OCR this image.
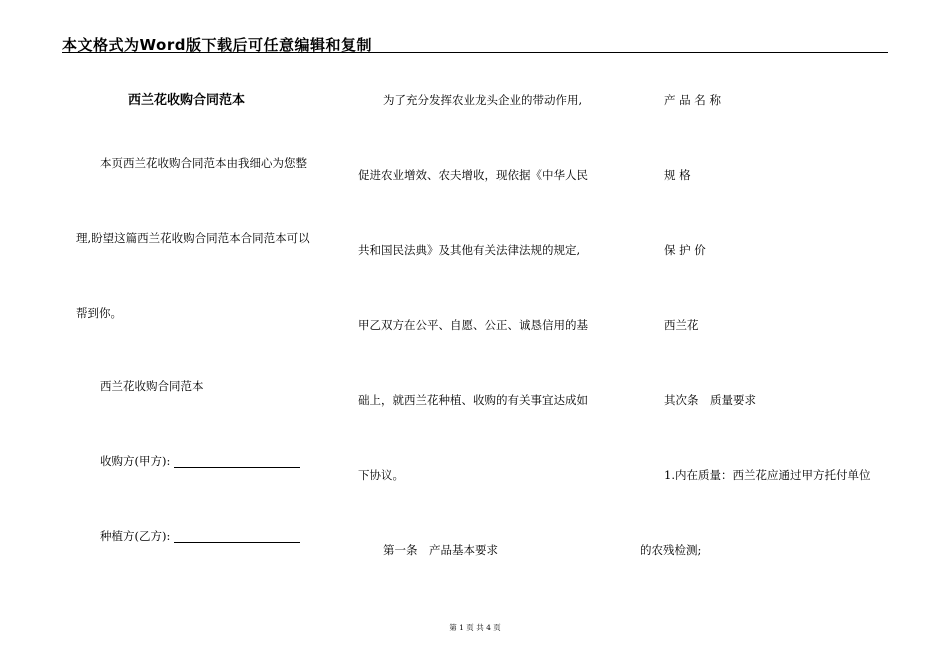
本文格式为Word版下载后可任意编辑和复制
西兰花收购合同范本
本页西兰花收购合同范本由我细心为您整
理,盼望这篇西兰花收购合同范本合同范本可以
帮到你。
西兰花收购合同范本
收购方(甲方):
种植方(乙方):
为了充分发挥农业龙头企业的带动作用,
促进农业增效、农夫增收，现依据《中华人民
共和国民法典》及其他有关法律法规的规定,
甲乙双方在公平、自愿、公正、诚恳信用的基
础上，就西兰花种植、收购的有关事宜达成如
下协议。
第一条　产品基本要求
产 品 名 称
规 格
保 护 价
西兰花
其次条　质量要求
1.内在质量：西兰花应通过甲方托付单位
的农残检测;
第 1 页 共 4 页
